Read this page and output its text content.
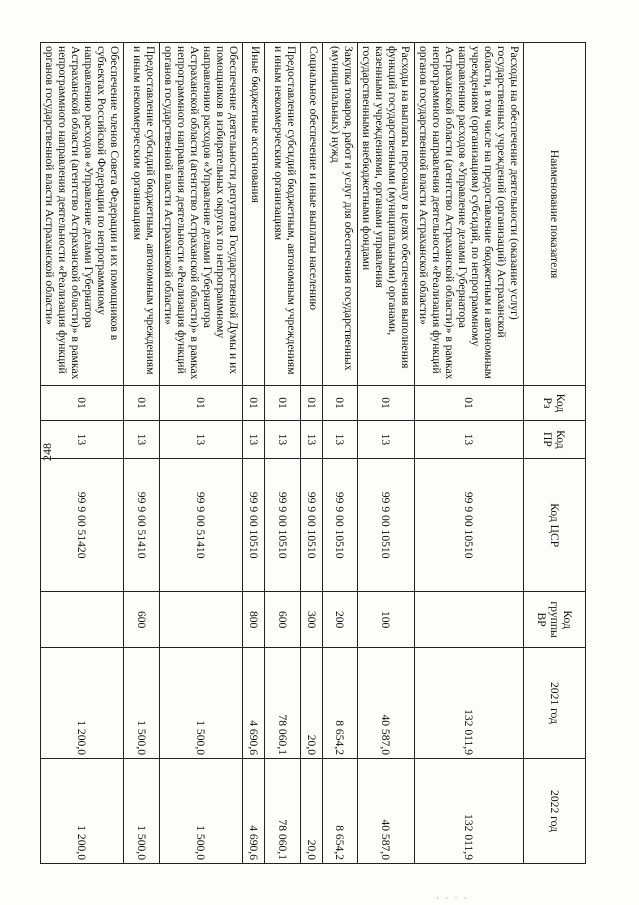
248
Наименование показателя	Код Рз	Код ПР	Код ЦСР	Код группы ВР	2021 год	2022 год
Расходы на обеспечение деятельности (оказание услуг) государственных учреждений (организаций) Астраханской области, в том числе на предоставление бюджетным и автономным учреждениям (организациям) субсидий, по непрограммному направлению расходов «Управление делами Губернатора Астраханской области (агентство Астраханской области)» в рамках непрограммного направления деятельности «Реализация функций органов государственной власти Астраханской области»	01	13	99 9 00 10510		132 011,9	132 011,9
Расходы на выплаты персоналу в целях обеспечения выполнения функций государственными (муниципальными) органами, казенными учреждениями, органами управления государственными внебюджетными фондами	01	13	99 9 00 10510	100	40 587,0	40 587,0
Закупка товаров, работ и услуг для обеспечения государственных (муниципальных) нужд	01	13	99 9 00 10510	200	8 654,2	8 654,2
Социальное обеспечение и иные выплаты населению	01	13	99 9 00 10510	300	20,0	20,0
Предоставление субсидий бюджетным, автономным учреждениям и иным некоммерческим организациям	01	13	99 9 00 10510	600	78 060,1	78 060,1
Иные бюджетные ассигнования	01	13	99 9 00 10510	800	4 690,6	4 690,6
Обеспечение деятельности депутатов Государственной Думы и их помощников в избирательных округах по непрограммному направлению расходов «Управление делами Губернатора Астраханской области (агентство Астраханской области)» в рамках непрограммного направления деятельности «Реализация функций органов государственной власти Астраханской области»	01	13	99 9 00 51410		1 500,0	1 500,0
Предоставление субсидий бюджетным, автономным учреждениям и иным некоммерческим организациям	01	13	99 9 00 51410	600	1 500,0	1 500,0
Обеспечение членов Совета Федерации и их помощников в субъектах Российской Федерации по непрограммному направлению расходов «Управление делами Губернатора Астраханской области (агентство Астраханской области)» в рамках непрограммного направления деятельности «Реализация функций органов государственной власти Астраханской области»	01	13	99 9 00 51420		1 200,0	1 200,0
· · · ·
